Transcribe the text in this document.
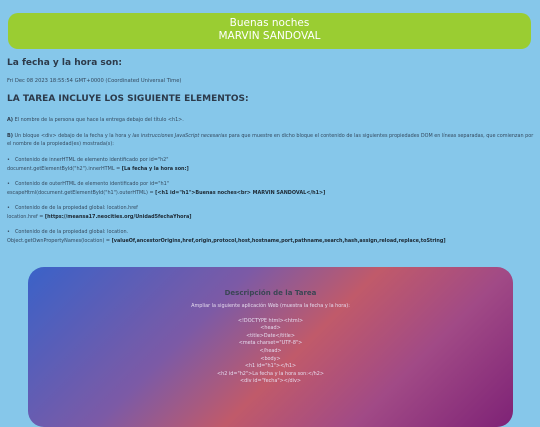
Buenas noches
MARVIN SANDOVAL
La fecha y la hora son:
Fri Dec 08 2023 18:55:54 GMT+0000 (Coordinated Universal Time)
LA TAREA INCLUYE LOS SIGUIENTE ELEMENTOS:

A) El nombre de la persona que hace la entrega debajo del título <h1>.

B) Un bloque <div> debajo de la fecha y la hora y las instrucciones JavaScript necesarias para que muestre en dicho bloque el contenido de las siguientes propiedades DOM en líneas separadas, que comienzan por el nombre de la propiedad(es) mostrada(s):

• Contenido de innerHTML de elemento identificado por id="h2"
document.getElementById("h2").innerHTML = [La fecha y la hora son:]
• Contenido de outerHTML de elemento identificado por id="h1"
escapeHtml(document.getElementById("h1").outerHTML) = [<h1 id="h1">Buenas noches<br> MARVIN SANDOVAL</h1>]
• Contenido de de la propiedad global: location.href
location.href = [https://meansa17.neocities.org/Unidad5fechaYhora]
• Contenido de de la propiedad global: location.
Object.getOwnPropertyNames(location) = [valueOf,ancestorOrigins,href,origin,protocol,host,hostname,port,pathname,search,hash,assign,reload,replace,toString]
Descripción de la Tarea
Ampliar la siguiente aplicación Web (muestra la fecha y la hora):
<!DOCTYPE html><html>
<head>
<title>Date</title>
<meta charset="UTF-8">
</head>
<body>
<h1 id="h1"></h1>
<h2 id="h2">La fecha y la hora son:</h2>
<div id="fecha"></div>
